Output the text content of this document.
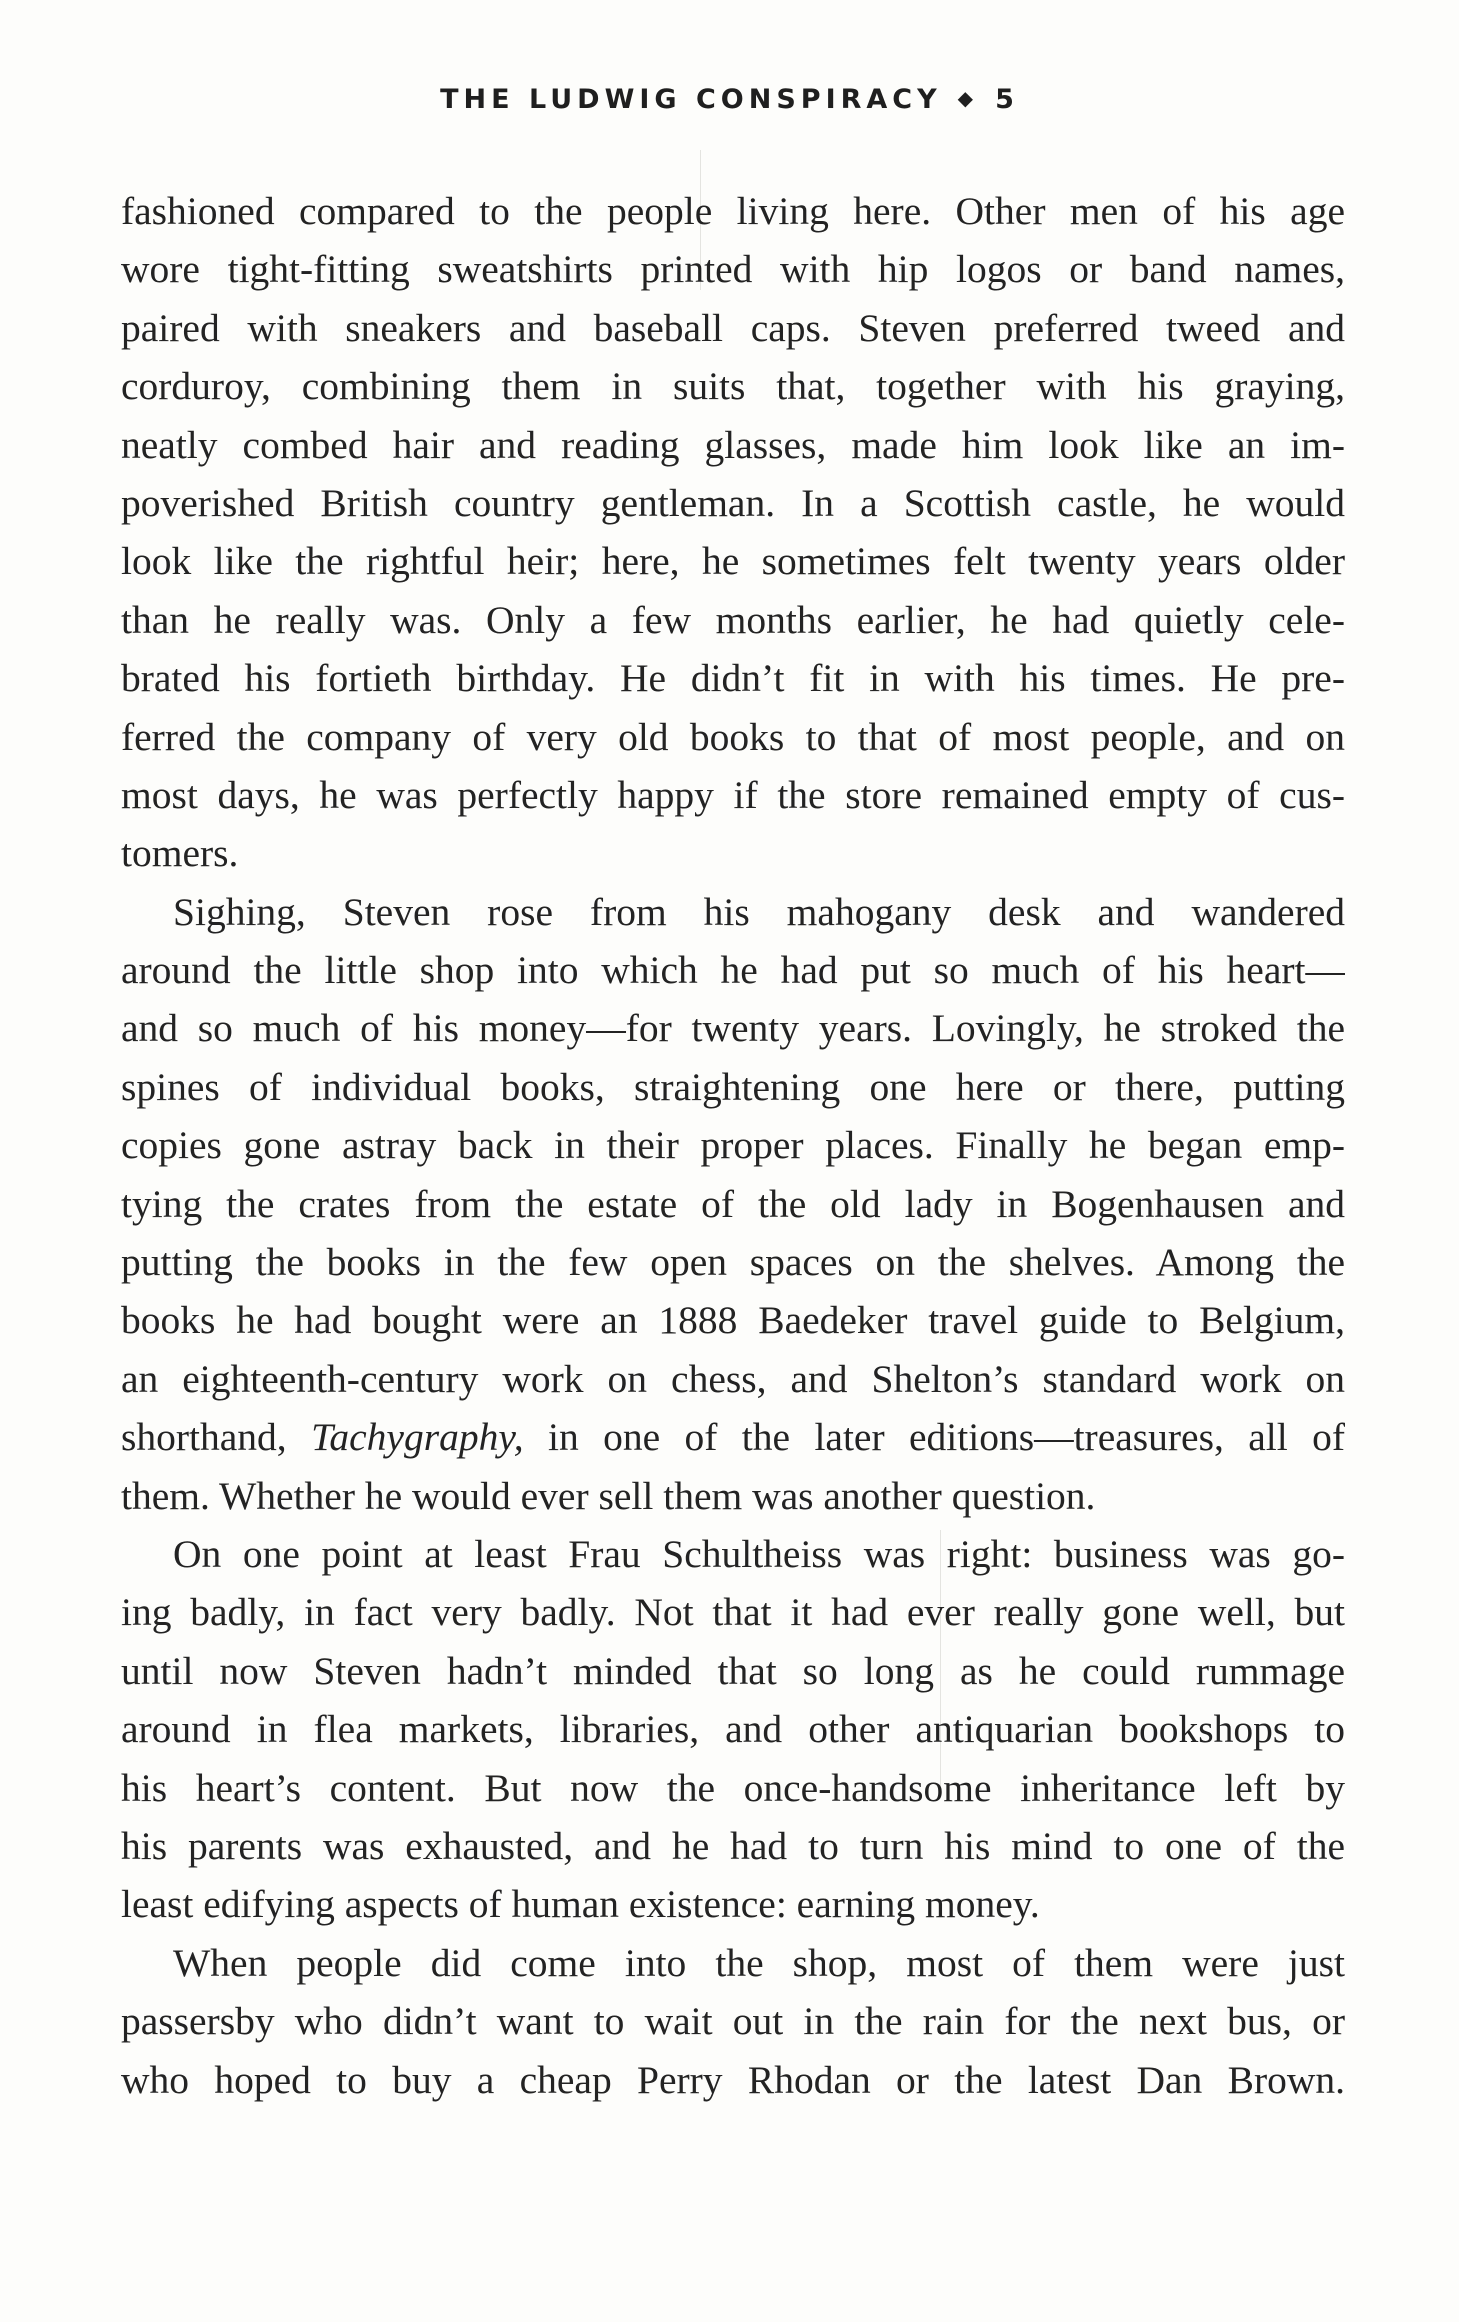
THE LUDWIG CONSPIRACY ◆ 5
fashioned compared to the people living here. Other men of his age
wore tight-fitting sweatshirts printed with hip logos or band names,
paired with sneakers and baseball caps. Steven preferred tweed and
corduroy, combining them in suits that, together with his graying,
neatly combed hair and reading glasses, made him look like an im-
poverished British country gentleman. In a Scottish castle, he would
look like the rightful heir; here, he sometimes felt twenty years older
than he really was. Only a few months earlier, he had quietly cele-
brated his fortieth birthday. He didn’t fit in with his times. He pre-
ferred the company of very old books to that of most people, and on
most days, he was perfectly happy if the store remained empty of cus-
tomers.
Sighing, Steven rose from his mahogany desk and wandered
around the little shop into which he had put so much of his heart—
and so much of his money—for twenty years. Lovingly, he stroked the
spines of individual books, straightening one here or there, putting
copies gone astray back in their proper places. Finally he began emp-
tying the crates from the estate of the old lady in Bogenhausen and
putting the books in the few open spaces on the shelves. Among the
books he had bought were an 1888 Baedeker travel guide to Belgium,
an eighteenth-century work on chess, and Shelton’s standard work on
shorthand, Tachygraphy, in one of the later editions—treasures, all of
them. Whether he would ever sell them was another question.
On one point at least Frau Schultheiss was right: business was go-
ing badly, in fact very badly. Not that it had ever really gone well, but
until now Steven hadn’t minded that so long as he could rummage
around in flea markets, libraries, and other antiquarian bookshops to
his heart’s content. But now the once-handsome inheritance left by
his parents was exhausted, and he had to turn his mind to one of the
least edifying aspects of human existence: earning money.
When people did come into the shop, most of them were just
passersby who didn’t want to wait out in the rain for the next bus, or
who hoped to buy a cheap Perry Rhodan or the latest Dan Brown.
